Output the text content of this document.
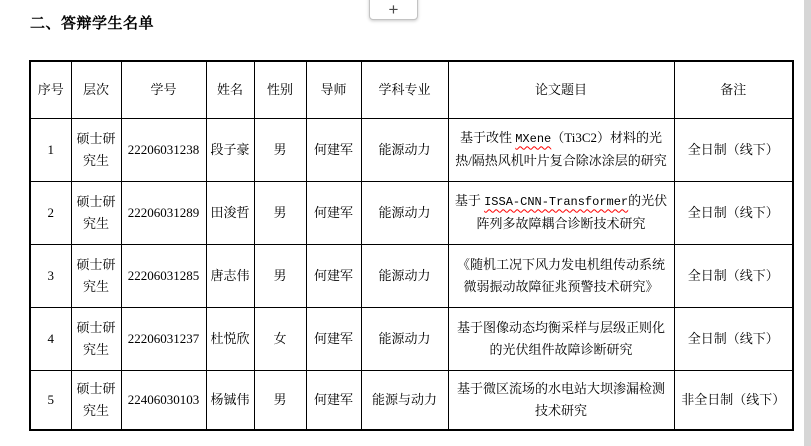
+
二、答辩学生名单
序号	层次	学号	姓名	性别	导师	学科专业	论文题目	备注
1	硕士研究生	22206031238	段子豪	男	何建军	能源动力	基于改性 MXene（Ti3C2）材料的光热/隔热风机叶片复合除冰涂层的研究	全日制（线下）
2	硕士研究生	22206031289	田浚哲	男	何建军	能源动力	基于 ISSA-CNN-Transformer的光伏阵列多故障耦合诊断技术研究	全日制（线下）
3	硕士研究生	22206031285	唐志伟	男	何建军	能源动力	《随机工况下风力发电机组传动系统微弱振动故障征兆预警技术研究》	全日制（线下）
4	硕士研究生	22206031237	杜悦欣	女	何建军	能源动力	基于图像动态均衡采样与层级正则化的光伏组件故障诊断研究	全日制（线下）
5	硕士研究生	22406030103	杨铖伟	男	何建军	能源与动力	基于微区流场的水电站大坝渗漏检测技术研究	非全日制（线下）
